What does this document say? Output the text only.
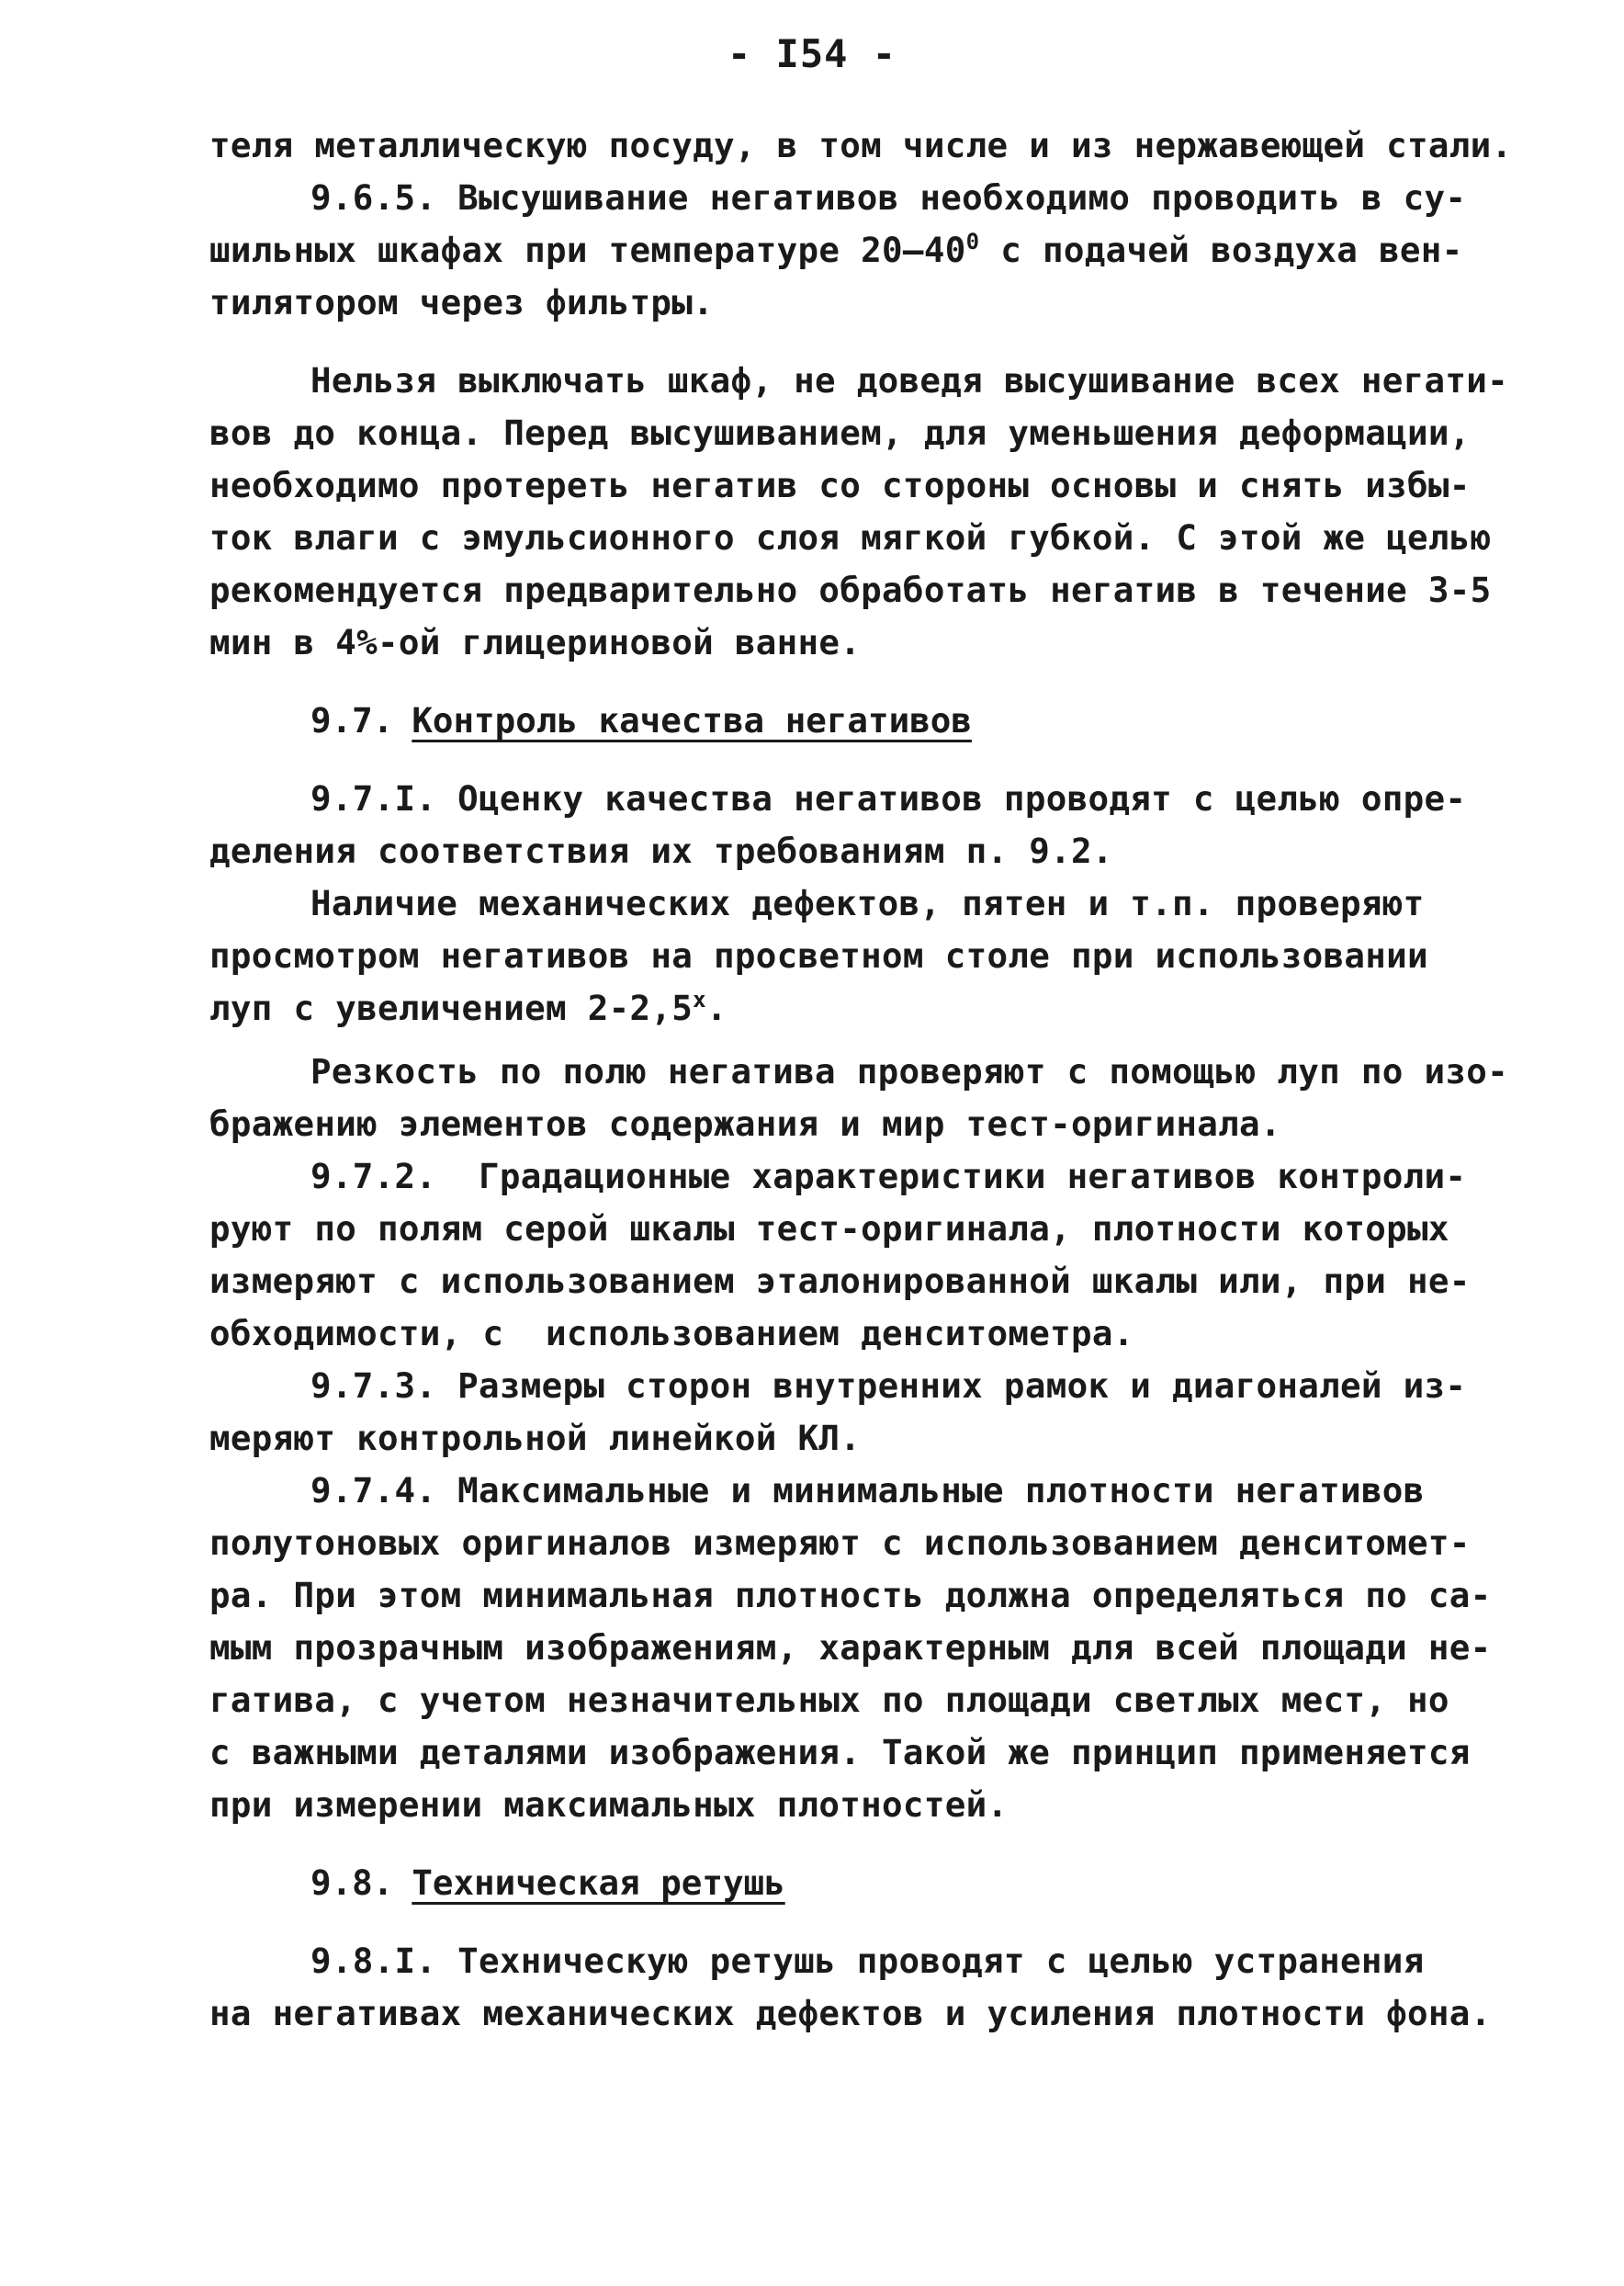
- I54 -
теля металлическую посуду, в том числе и из нержавеющей стали.
9.6.5. Высушивание негативов необходимо проводить в су-
шильных шкафах при температуре $20-40^0$ с подачей воздуха вен-
тилятором через фильтры.
Нельзя выключать шкаф, не доведя высушивание всех негати-
вов до конца. Перед высушиванием, для уменьшения деформации,
необходимо протереть негатив со стороны основы и снять избы-
ток влаги с эмульсионного слоя мягкой губкой. С этой же целью
рекомендуется предварительно обработать негатив в течение 3-5
мин в 4%-ой глицериновой ванне.
9.7. Контроль качества негативов
9.7.I. Оценку качества негативов проводят с целью опре-
деления соответствия их требованиям п. 9.2.
Наличие механических дефектов, пятен и т.п. проверяют
просмотром негативов на просветном столе при использовании
луп с увеличением $2-2,5^х$.
Резкость по полю негатива проверяют с помощью луп по изо-
бражению элементов содержания и мир тест-оригинала.
9.7.2.  Градационные характеристики негативов контроли-
руют по полям серой шкалы тест-оригинала, плотности которых
измеряют с использованием эталонированной шкалы или, при не-
обходимости, с  использованием денситометра.
9.7.3. Размеры сторон внутренних рамок и диагоналей из-
меряют контрольной линейкой КЛ.
9.7.4. Максимальные и минимальные плотности негативов
полутоновых оригиналов измеряют с использованием денситомет-
ра. При этом минимальная плотность должна определяться по са-
мым прозрачным изображениям, характерным для всей площади не-
гатива, с учетом незначительных по площади светлых мест, но
с важными деталями изображения. Такой же принцип применяется
при измерении максимальных плотностей.
9.8. Техническая ретушь
9.8.I. Техническую ретушь проводят с целью устранения
на негативах механических дефектов и усиления плотности фона.
